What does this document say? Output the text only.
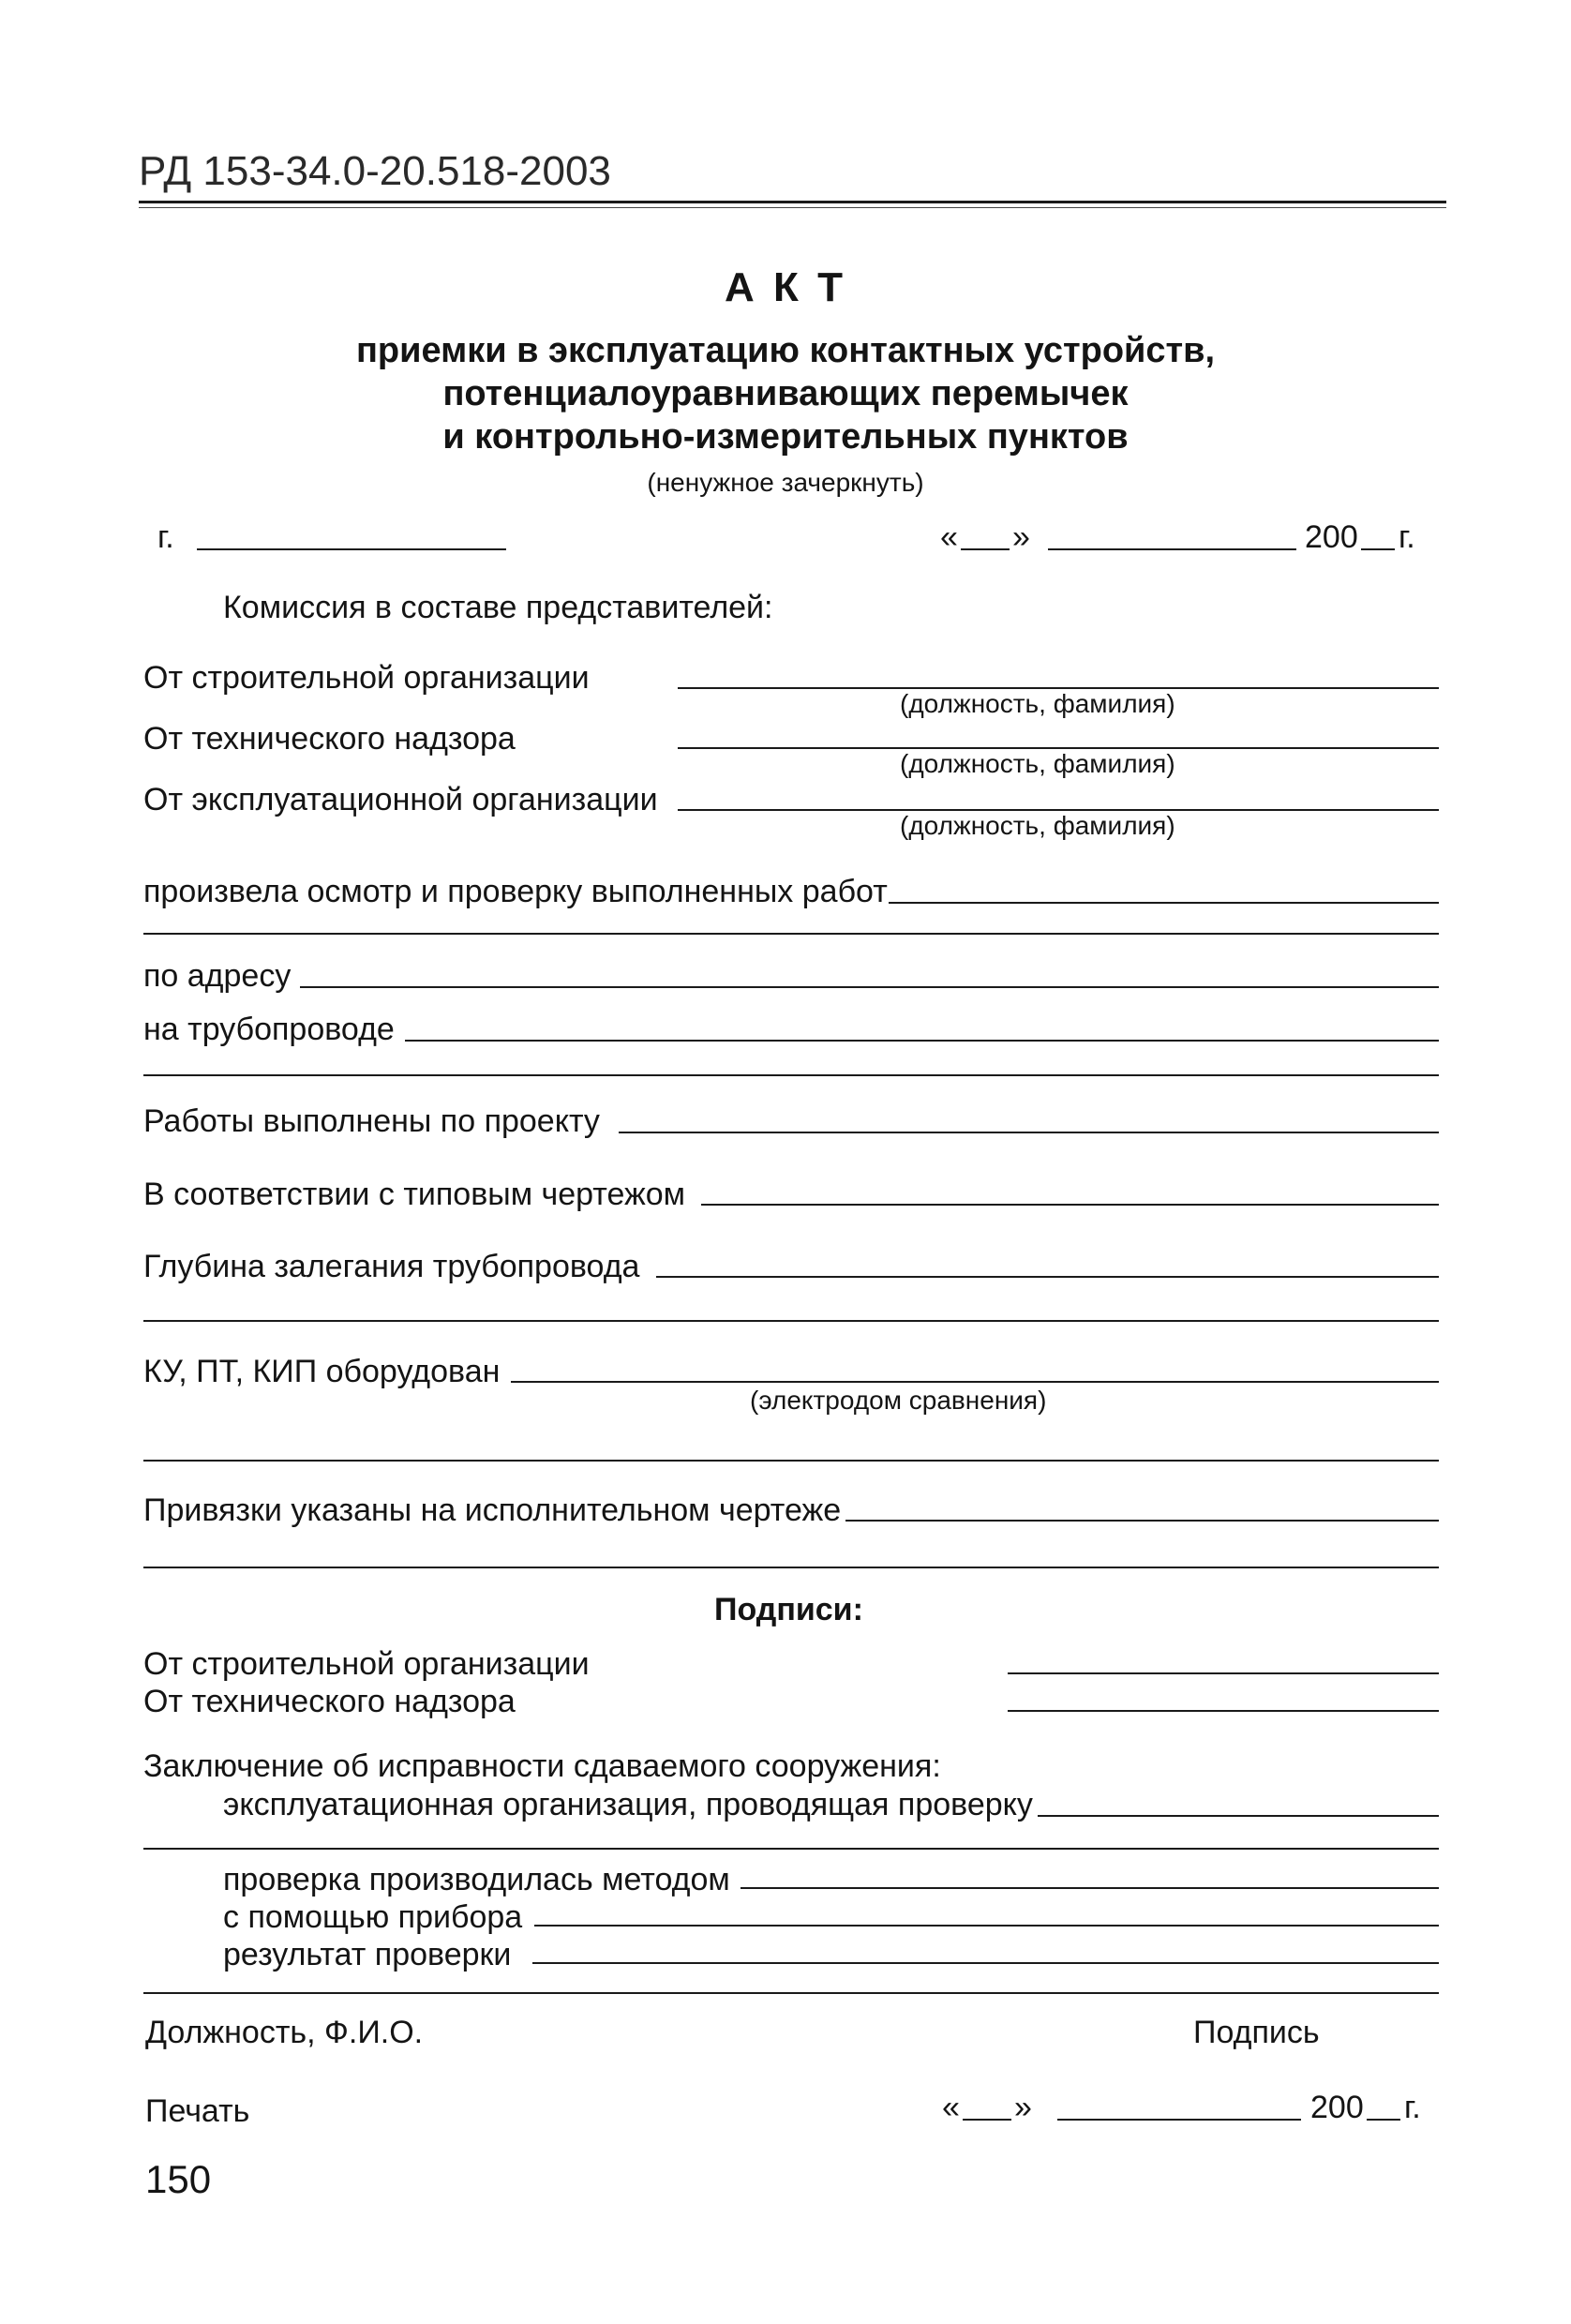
РД 153-34.0-20.518-2003
А К Т
приемки в эксплуатацию контактных устройств,
потенциалоуравнивающих перемычек
и контрольно-измерительных пунктов
(ненужное зачеркнуть)
г.	« »	200 г.
Комиссия в составе представителей:
От строительной организации
(должность, фамилия)
От технического надзора
(должность, фамилия)
От эксплуатационной организации
(должность, фамилия)
произвела осмотр и проверку выполненных работ
по адресу
на трубопроводе
Работы выполнены по проекту
В соответствии с типовым чертежом
Глубина залегания трубопровода
КУ, ПТ, КИП оборудован
(электродом сравнения)
Привязки указаны на исполнительном чертеже
Подписи:
От строительной организации
От технического надзора
Заключение об исправности сдаваемого сооружения:
эксплуатационная организация, проводящая проверку
проверка производилась методом
с помощью прибора
результат проверки
Должность, Ф.И.О.	Подпись
Печать	« »	200 г.
150
